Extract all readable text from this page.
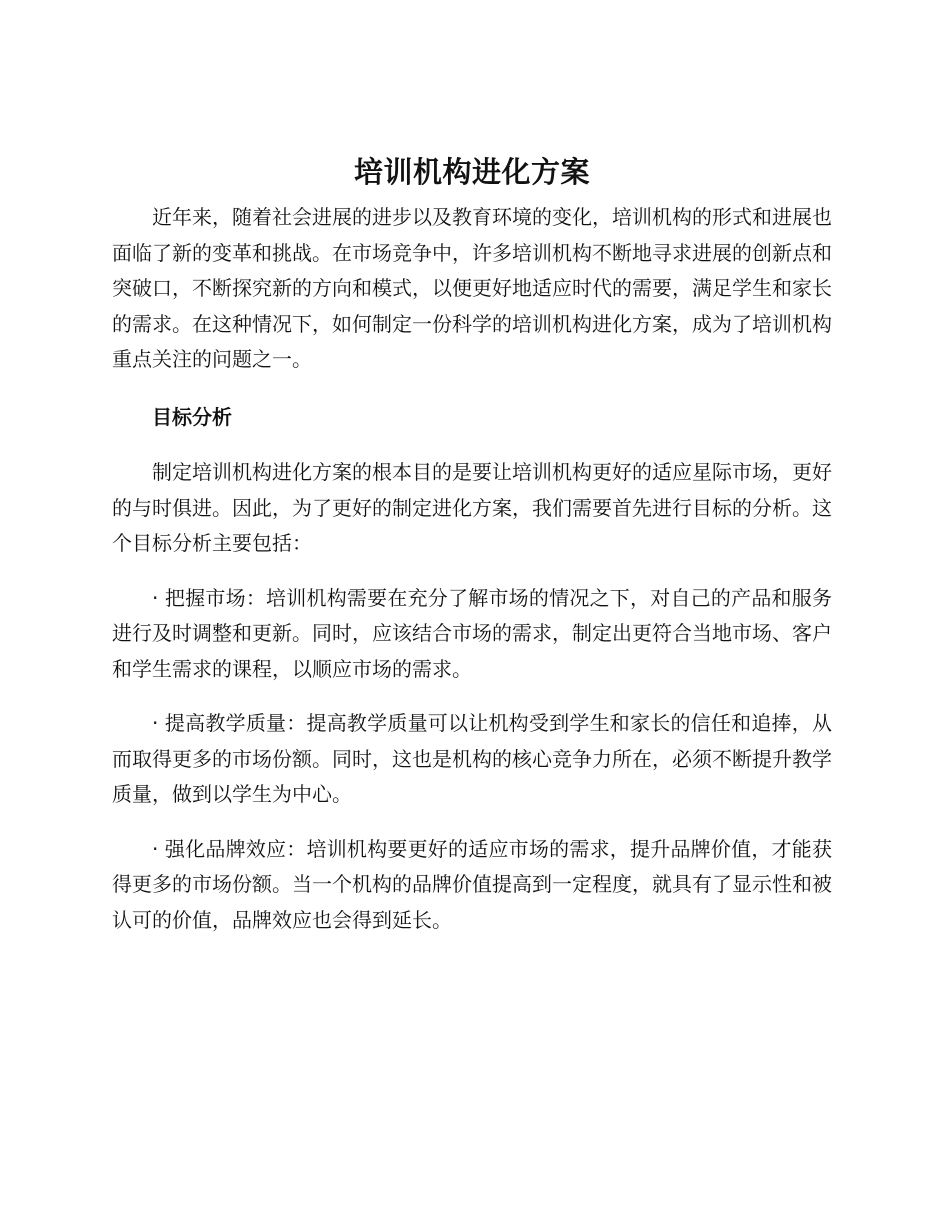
培训机构进化方案

近年来，随着社会进展的进步以及教育环境的变化，培训机构的形式和进展也面临了新的变革和挑战。在市场竞争中，许多培训机构不断地寻求进展的创新点和突破口，不断探究新的方向和模式，以便更好地适应时代的需要，满足学生和家长的需求。在这种情况下，如何制定一份科学的培训机构进化方案，成为了培训机构重点关注的问题之一。

目标分析

制定培训机构进化方案的根本目的是要让培训机构更好的适应星际市场，更好的与时俱进。因此，为了更好的制定进化方案，我们需要首先进行目标的分析。这个目标分析主要包括：

· 把握市场：培训机构需要在充分了解市场的情况之下，对自己的产品和服务进行及时调整和更新。同时，应该结合市场的需求，制定出更符合当地市场、客户和学生需求的课程，以顺应市场的需求。

· 提高教学质量：提高教学质量可以让机构受到学生和家长的信任和追捧，从而取得更多的市场份额。同时，这也是机构的核心竞争力所在，必须不断提升教学质量，做到以学生为中心。

· 强化品牌效应：培训机构要更好的适应市场的需求，提升品牌价值，才能获得更多的市场份额。当一个机构的品牌价值提高到一定程度，就具有了显示性和被认可的价值，品牌效应也会得到延长。
